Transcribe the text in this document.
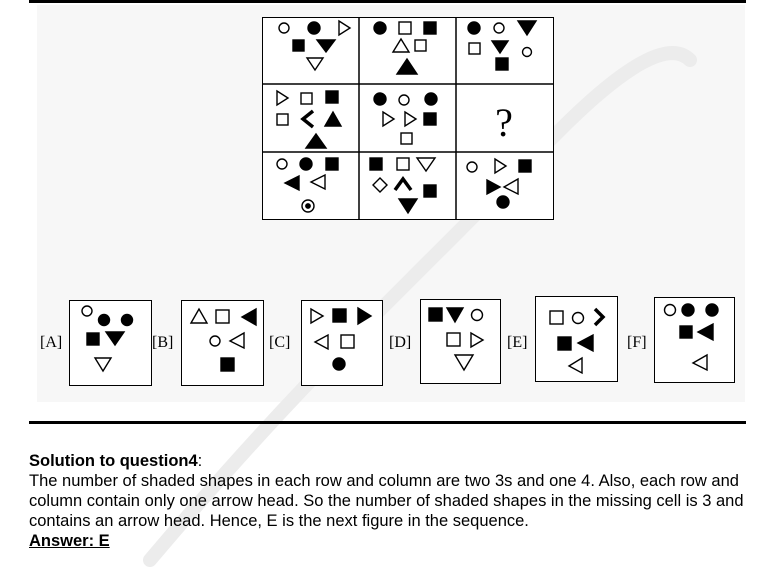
?
[A]	[B]	[C]	[D]	[E]	[F]
Solution to question4:
The number of shaded shapes in each row and column are two 3s and one 4. Also, each row and column contain only one arrow head. So the number of shaded shapes in the missing cell is 3 and contains an arrow head. Hence, E is the next figure in the sequence.
Answer: E
